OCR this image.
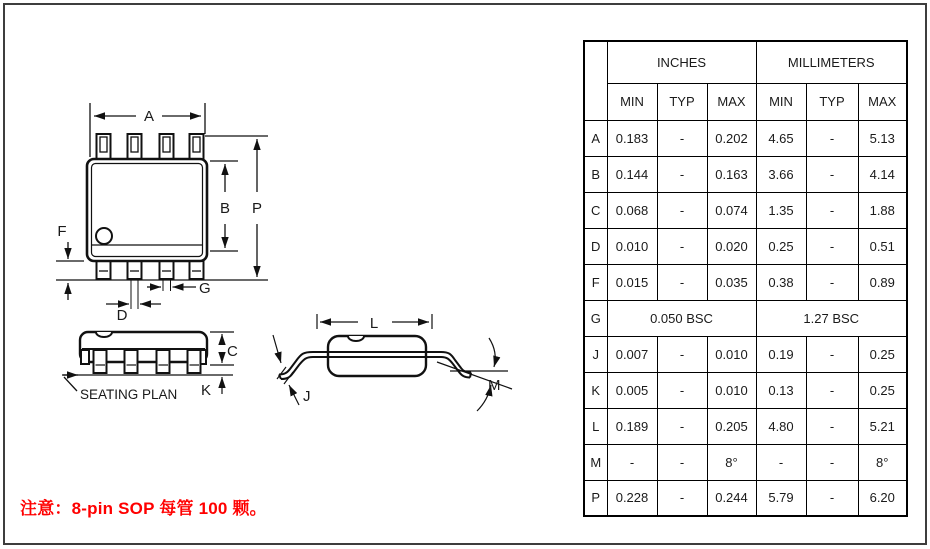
A
B P
F
D
G
SEATING PLAN
C
K
L
J
M
	INCHES			MILLIMETERS		
	MIN	TYP	MAX	MIN	TYP	MAX
A	0.183	-	0.202	4.65	-	5.13
B	0.144	-	0.163	3.66	-	4.14
C	0.068	-	0.074	1.35	-	1.88
D	0.010	-	0.020	0.25	-	0.51
F	0.015	-	0.035	0.38	-	0.89
G	0.050 BSC			1.27 BSC		
J	0.007	-	0.010	0.19	-	0.25
K	0.005	-	0.010	0.13	-	0.25
L	0.189	-	0.205	4.80	-	5.21
M	-	-	8°	-	-	8°
P	0.228	-	0.244	5.79	-	6.20
注意：8-pin SOP 每管 100 颗。
